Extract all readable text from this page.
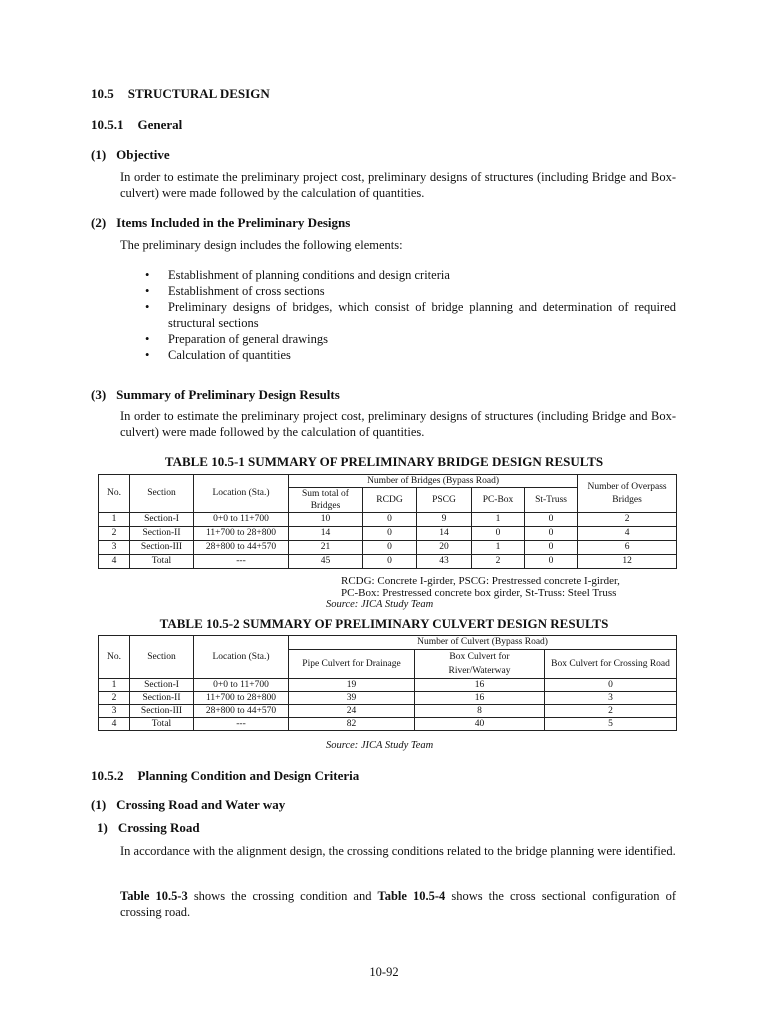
10.5 STRUCTURAL DESIGN
10.5.1 General
(1) Objective
In order to estimate the preliminary project cost, preliminary designs of structures (including Bridge and Box-culvert) were made followed by the calculation of quantities.
(2) Items Included in the Preliminary Designs
The preliminary design includes the following elements:
• Establishment of planning conditions and design criteria
• Establishment of cross sections
• Preliminary designs of bridges, which consist of bridge planning and determination of required structural sections
• Preparation of general drawings
• Calculation of quantities
(3) Summary of Preliminary Design Results
In order to estimate the preliminary project cost, preliminary designs of structures (including Bridge and Box-culvert) were made followed by the calculation of quantities.
TABLE 10.5-1 SUMMARY OF PRELIMINARY BRIDGE DESIGN RESULTS
No.	Section	Location (Sta.)	Number of Bridges (Bypass Road)					Number of Overpass Bridges
			Sum total of Bridges	RCDG	PSCG	PC-Box	St-Truss	
1	Section-I	0+0 to 11+700	10	0	9	1	0	2
2	Section-II	11+700 to 28+800	14	0	14	0	0	4
3	Section-III	28+800 to 44+570	21	0	20	1	0	6
4	Total	---	45	0	43	2	0	12
RCDG: Concrete I-girder, PSCG: Prestressed concrete I-girder,
PC-Box: Prestressed concrete box girder, St-Truss: Steel Truss
Source: JICA Study Team
TABLE 10.5-2 SUMMARY OF PRELIMINARY CULVERT DESIGN RESULTS
No.	Section	Location (Sta.)	Number of Culvert (Bypass Road)		
			Pipe Culvert for Drainage	Box Culvert for River/Waterway	Box Culvert for Crossing Road
1	Section-I	0+0 to 11+700	19	16	0
2	Section-II	11+700 to 28+800	39	16	3
3	Section-III	28+800 to 44+570	24	8	2
4	Total	---	82	40	5
Source: JICA Study Team
10.5.2 Planning Condition and Design Criteria
(1) Crossing Road and Water way
1) Crossing Road
In accordance with the alignment design, the crossing conditions related to the bridge planning were identified.
Table 10.5-3 shows the crossing condition and Table 10.5-4 shows the cross sectional configuration of crossing road.
10-92
